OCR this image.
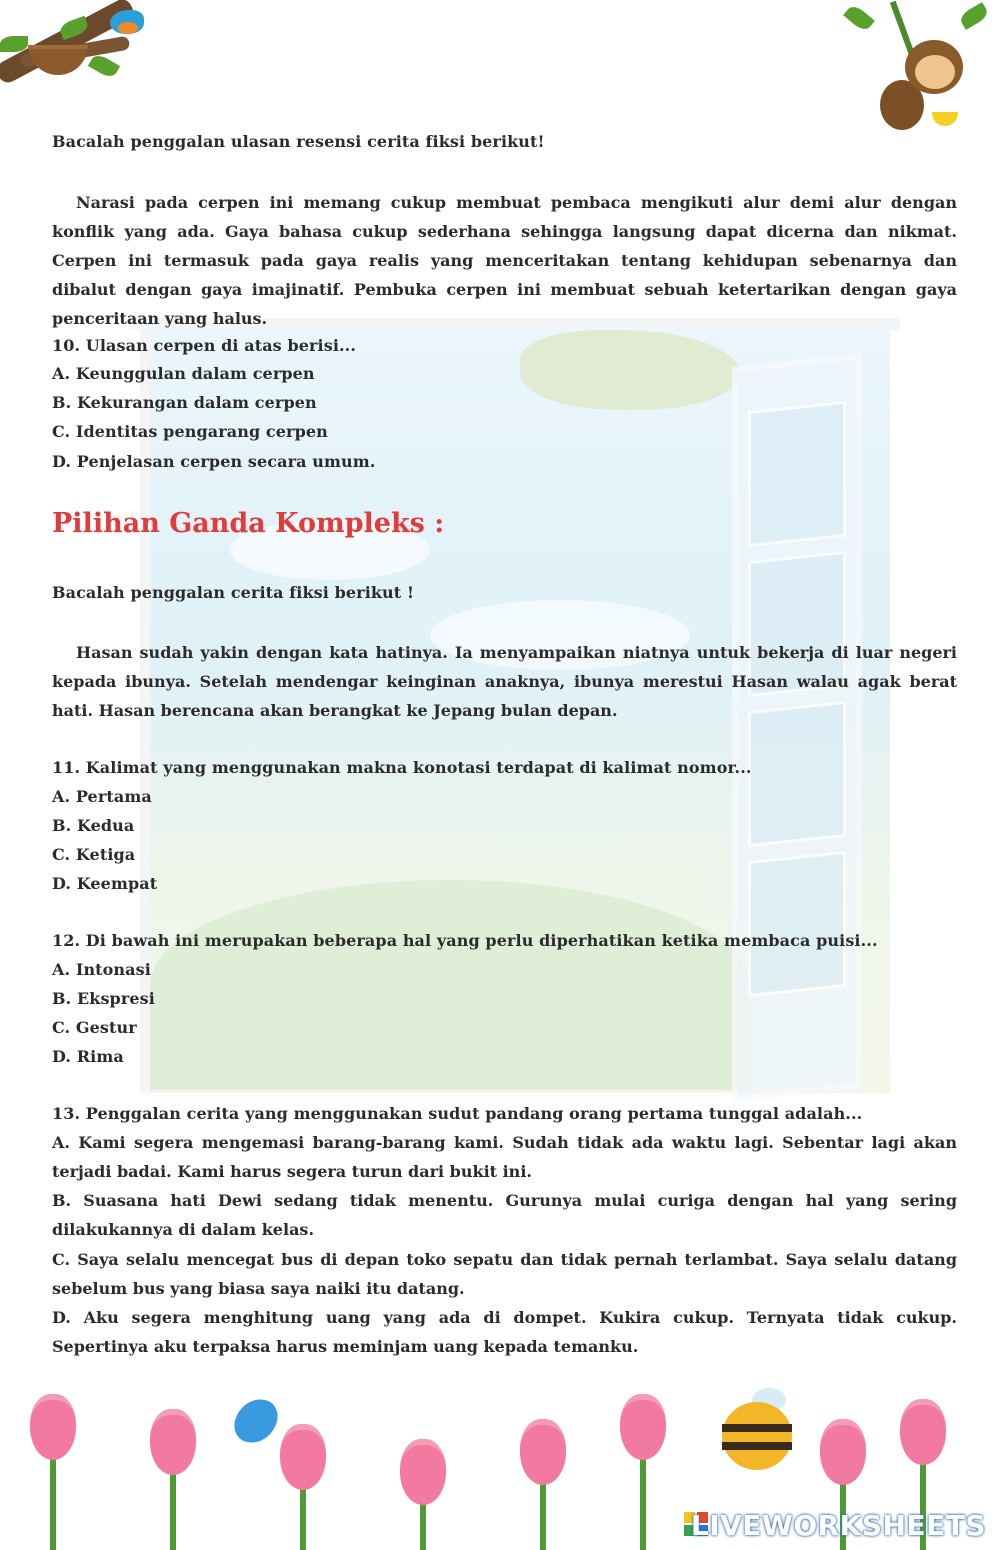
Bacalah penggalan ulasan resensi cerita fiksi berikut!
Narasi pada cerpen ini memang cukup membuat pembaca mengikuti alur demi alur dengan konflik yang ada. Gaya bahasa cukup sederhana sehingga langsung dapat dicerna dan nikmat. Cerpen ini termasuk pada gaya realis yang menceritakan tentang kehidupan sebenarnya dan dibalut dengan gaya imajinatif. Pembuka cerpen ini membuat sebuah ketertarikan dengan gaya penceritaan yang halus.
10. Ulasan cerpen di atas berisi...
A. Keunggulan dalam cerpen
B. Kekurangan dalam cerpen
C. Identitas pengarang cerpen
D. Penjelasan cerpen secara umum.
Pilihan Ganda Kompleks :
Bacalah penggalan cerita fiksi berikut !
Hasan sudah yakin dengan kata hatinya. Ia menyampaikan niatnya untuk bekerja di luar negeri kepada ibunya. Setelah mendengar keinginan anaknya, ibunya merestui Hasan walau agak berat hati. Hasan berencana akan berangkat ke Jepang bulan depan.
11. Kalimat yang menggunakan makna konotasi terdapat di kalimat nomor...
A. Pertama
B. Kedua
C. Ketiga
D. Keempat
12. Di bawah ini merupakan beberapa hal yang perlu diperhatikan ketika membaca puisi...
A. Intonasi
B. Ekspresi
C. Gestur
D. Rima
13. Penggalan cerita yang menggunakan sudut pandang orang pertama tunggal adalah...
A. Kami segera mengemasi barang-barang kami. Sudah tidak ada waktu lagi. Sebentar lagi akan terjadi badai. Kami harus segera turun dari bukit ini.
B. Suasana hati Dewi sedang tidak menentu. Gurunya mulai curiga dengan hal yang sering dilakukannya di dalam kelas.
C. Saya selalu mencegat bus di depan toko sepatu dan tidak pernah terlambat. Saya selalu datang sebelum bus yang biasa saya naiki itu datang.
D. Aku segera menghitung uang yang ada di dompet. Kukira cukup. Ternyata tidak cukup. Sepertinya aku terpaksa harus meminjam uang kepada temanku.
LIVEWORKSHEETS
